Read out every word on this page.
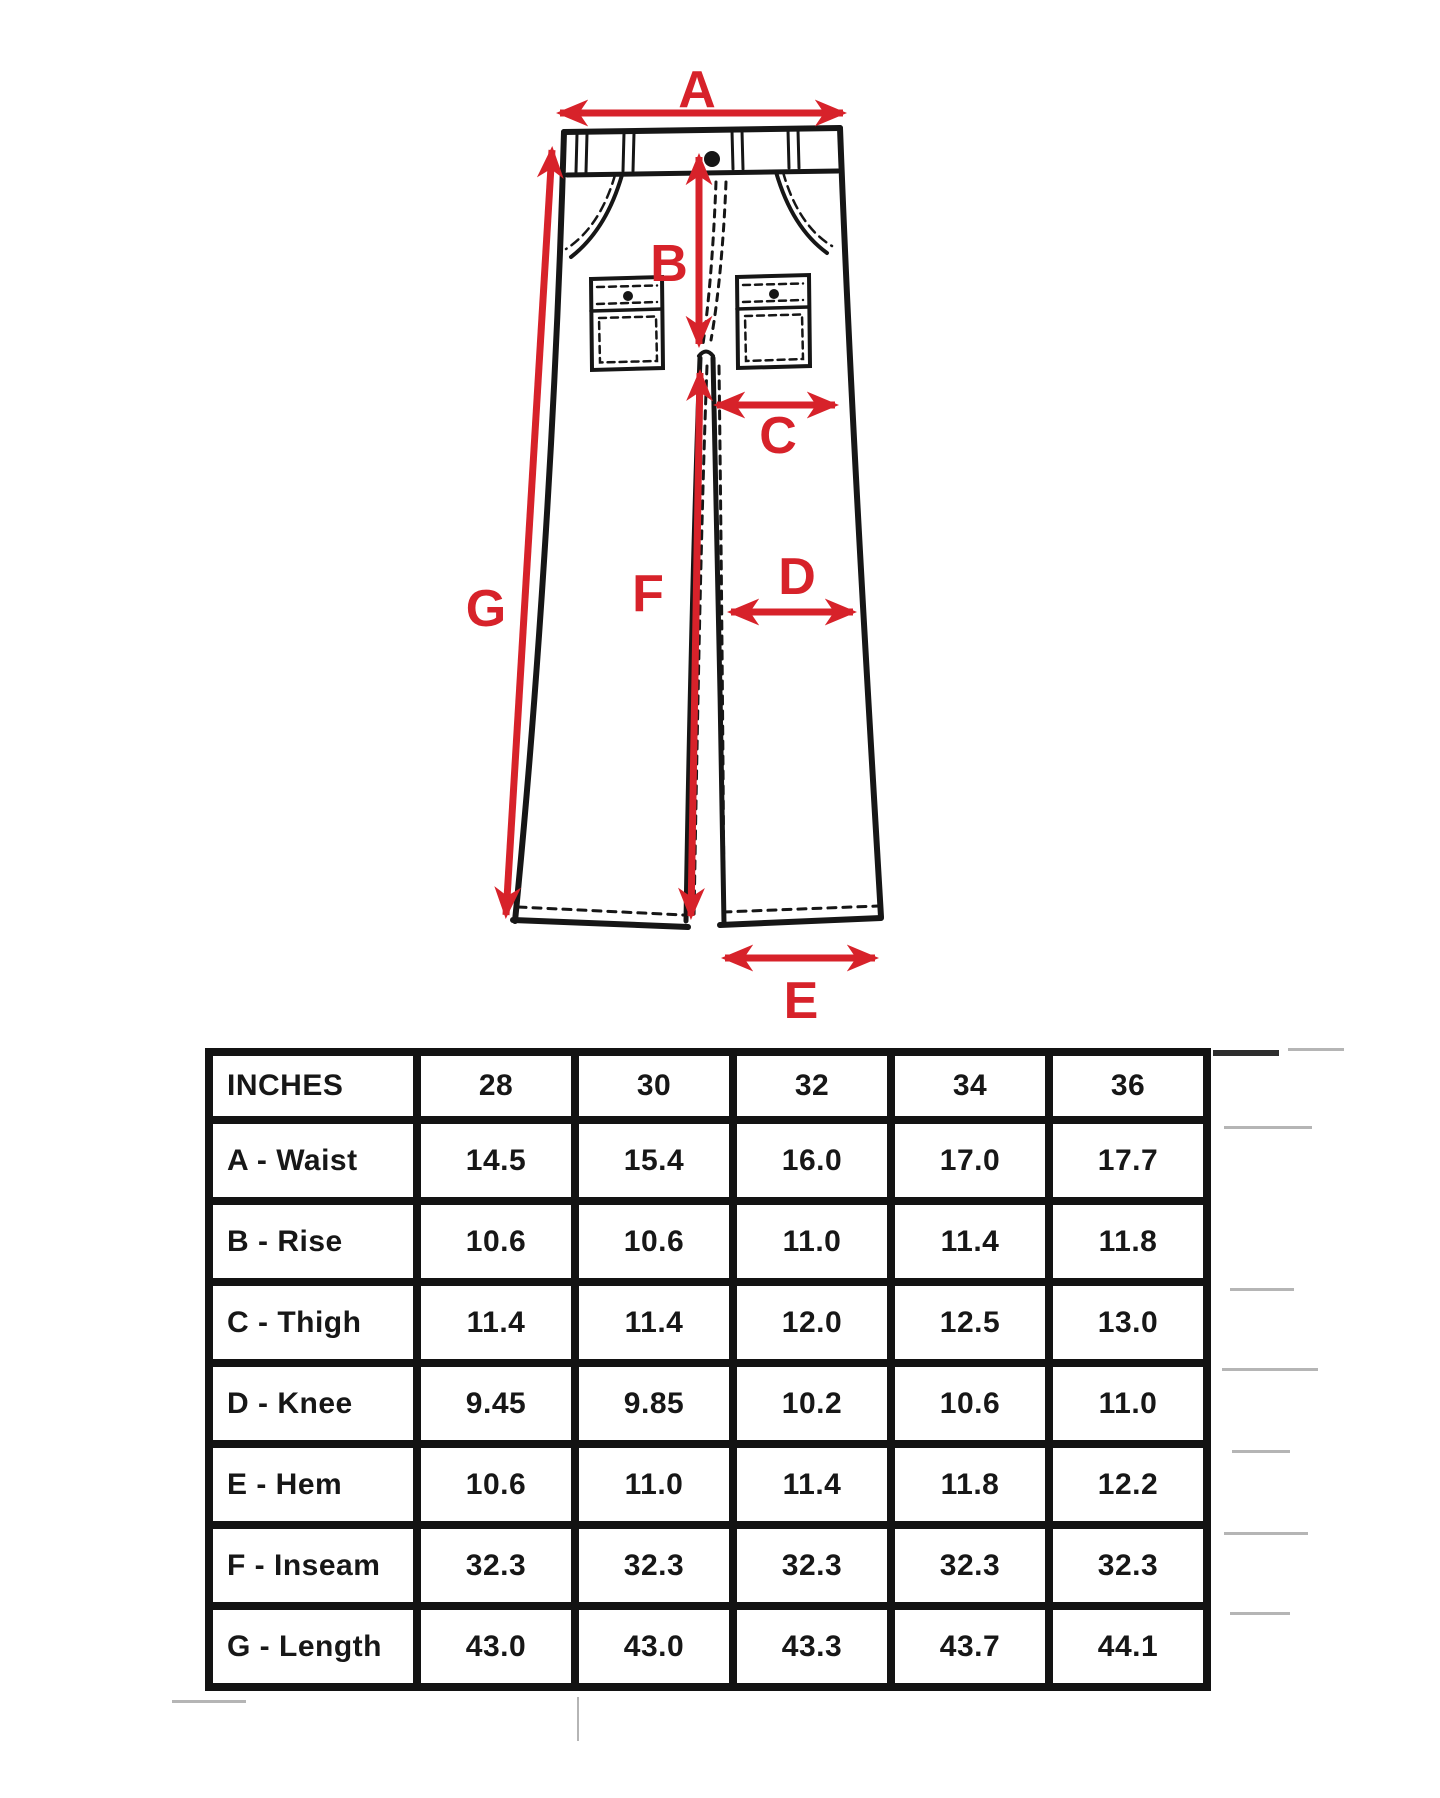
A
B
C
D
E
F
G
INCHES	28	30	32	34	36
A - Waist	14.5	15.4	16.0	17.0	17.7
B - Rise	10.6	10.6	11.0	11.4	11.8
C - Thigh	11.4	11.4	12.0	12.5	13.0
D - Knee	9.45	9.85	10.2	10.6	11.0
E - Hem	10.6	11.0	11.4	11.8	12.2
F - Inseam	32.3	32.3	32.3	32.3	32.3
G - Length	43.0	43.0	43.3	43.7	44.1
